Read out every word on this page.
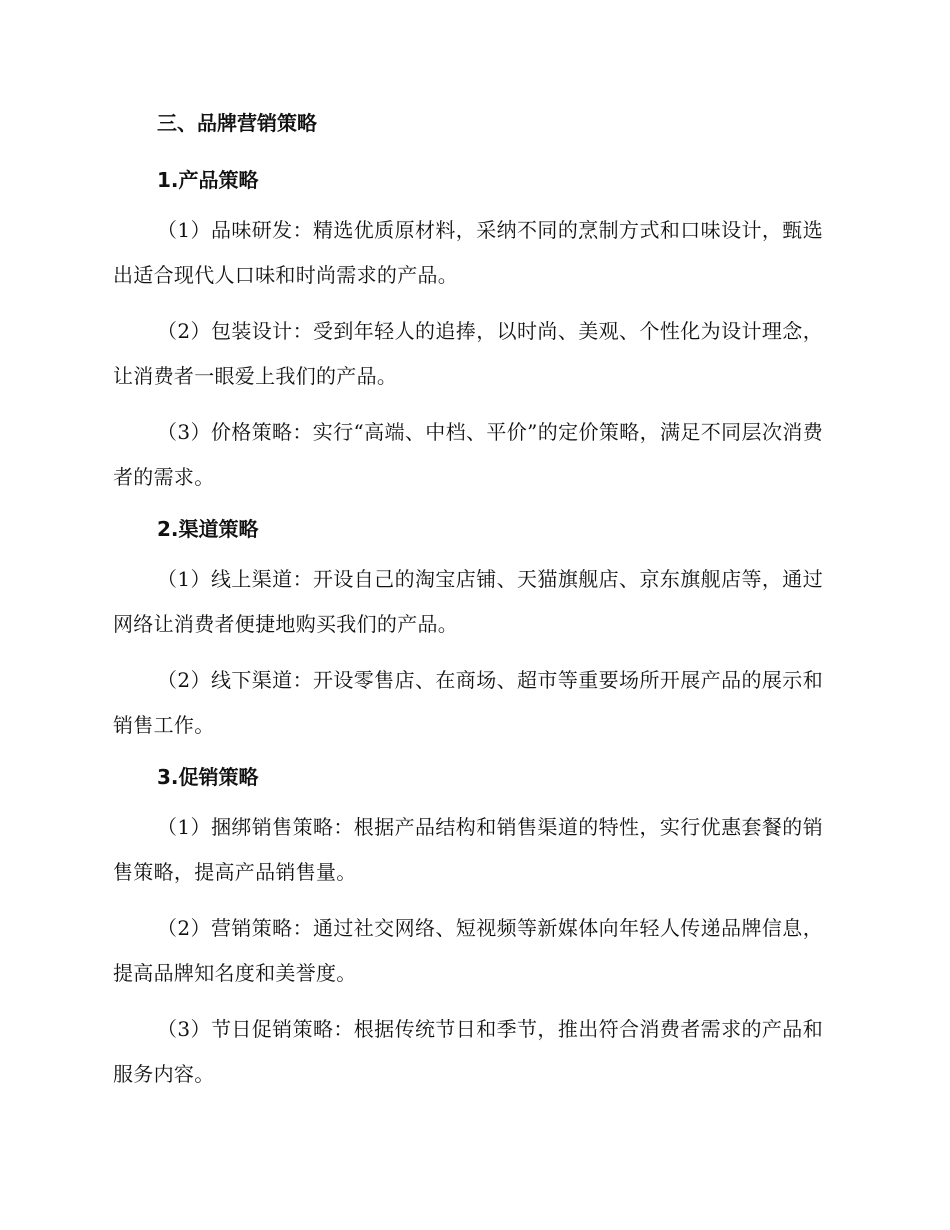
三、品牌营销策略
1.产品策略

（1）品味研发：精选优质原材料，采纳不同的烹制方式和口味设计，甄选出适合现代人口味和时尚需求的产品。

（2）包装设计：受到年轻人的追捧，以时尚、美观、个性化为设计理念，让消费者一眼爱上我们的产品。

（3）价格策略：实行“高端、中档、平价”的定价策略，满足不同层次消费者的需求。

2.渠道策略

（1）线上渠道：开设自己的淘宝店铺、天猫旗舰店、京东旗舰店等，通过网络让消费者便捷地购买我们的产品。

（2）线下渠道：开设零售店、在商场、超市等重要场所开展产品的展示和销售工作。

3.促销策略

（1）捆绑销售策略：根据产品结构和销售渠道的特性，实行优惠套餐的销售策略，提高产品销售量。

（2）营销策略：通过社交网络、短视频等新媒体向年轻人传递品牌信息，提高品牌知名度和美誉度。

（3）节日促销策略：根据传统节日和季节，推出符合消费者需求的产品和服务内容。
